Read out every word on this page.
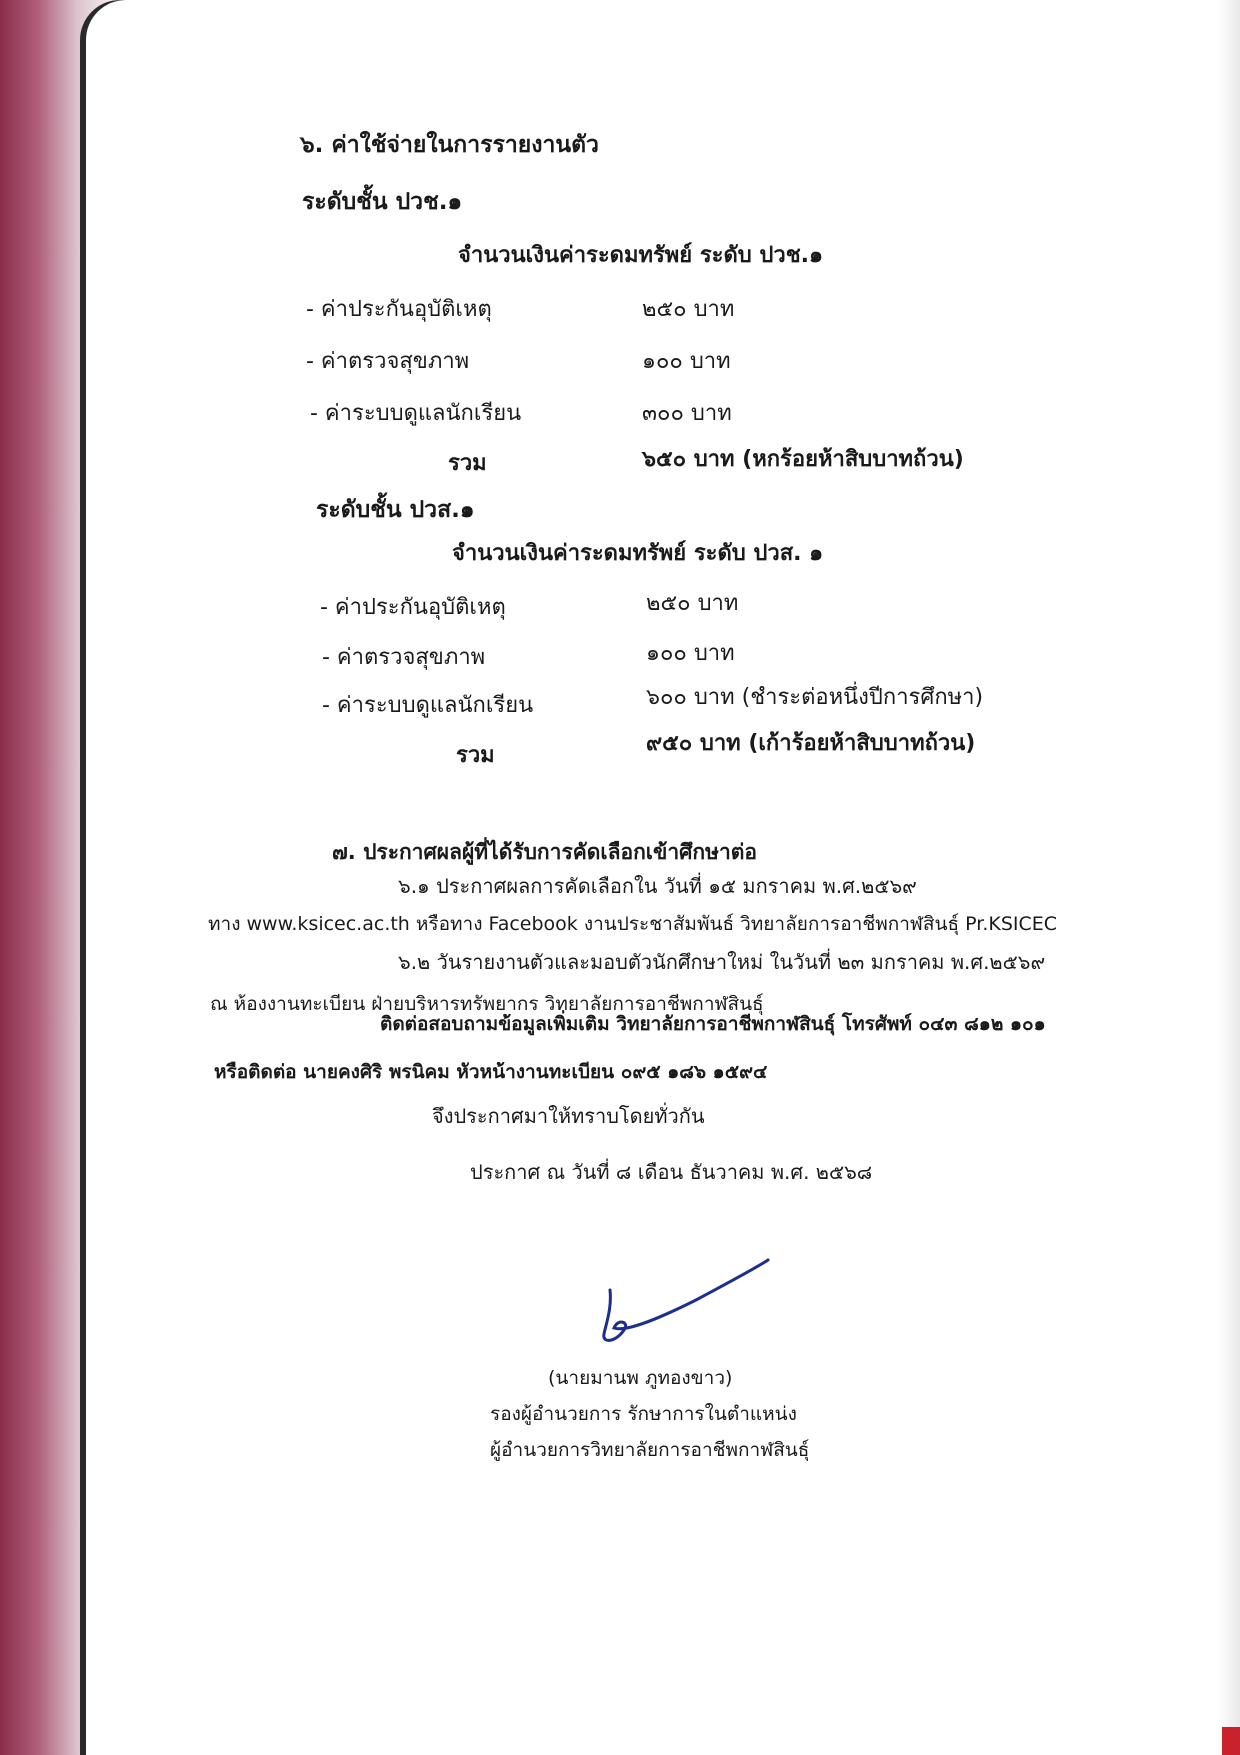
๖. ค่าใช้จ่ายในการรายงานตัว
ระดับชั้น ปวช.๑
จำนวนเงินค่าระดมทรัพย์ ระดับ ปวช.๑
- ค่าประกันอุบัติเหตุ	๒๕๐ บาท
- ค่าตรวจสุขภาพ	๑๐๐ บาท
- ค่าระบบดูแลนักเรียน	๓๐๐ บาท
รวม	๖๕๐ บาท (หกร้อยห้าสิบบาทถ้วน)
ระดับชั้น ปวส.๑
จำนวนเงินค่าระดมทรัพย์ ระดับ ปวส. ๑
- ค่าประกันอุบัติเหตุ	๒๕๐ บาท
- ค่าตรวจสุขภาพ	๑๐๐ บาท
- ค่าระบบดูแลนักเรียน	๖๐๐ บาท (ชำระต่อหนึ่งปีการศึกษา)
รวม	๙๕๐ บาท (เก้าร้อยห้าสิบบาทถ้วน)
๗. ประกาศผลผู้ที่ได้รับการคัดเลือกเข้าศึกษาต่อ
๖.๑ ประกาศผลการคัดเลือกใน วันที่ ๑๕ มกราคม พ.ศ.๒๕๖๙
ทาง www.ksicec.ac.th หรือทาง Facebook งานประชาสัมพันธ์ วิทยาลัยการอาชีพกาฬสินธุ์ Pr.KSICEC
๖.๒ วันรายงานตัวและมอบตัวนักศึกษาใหม่ ในวันที่ ๒๓ มกราคม พ.ศ.๒๕๖๙
ณ ห้องงานทะเบียน ฝ่ายบริหารทรัพยากร วิทยาลัยการอาชีพกาฬสินธุ์
ติดต่อสอบถามข้อมูลเพิ่มเติม วิทยาลัยการอาชีพกาฬสินธุ์ โทรศัพท์ ๐๔๓ ๘๑๒ ๑๐๑
หรือติดต่อ นายคงศิริ พรนิคม หัวหน้างานทะเบียน ๐๙๕ ๑๘๖ ๑๕๙๔
จึงประกาศมาให้ทราบโดยทั่วกัน
ประกาศ ณ วันที่ ๘ เดือน ธันวาคม พ.ศ. ๒๕๖๘
(นายมานพ ภูทองขาว)
รองผู้อำนวยการ รักษาการในตำแหน่ง
ผู้อำนวยการวิทยาลัยการอาชีพกาฬสินธุ์
